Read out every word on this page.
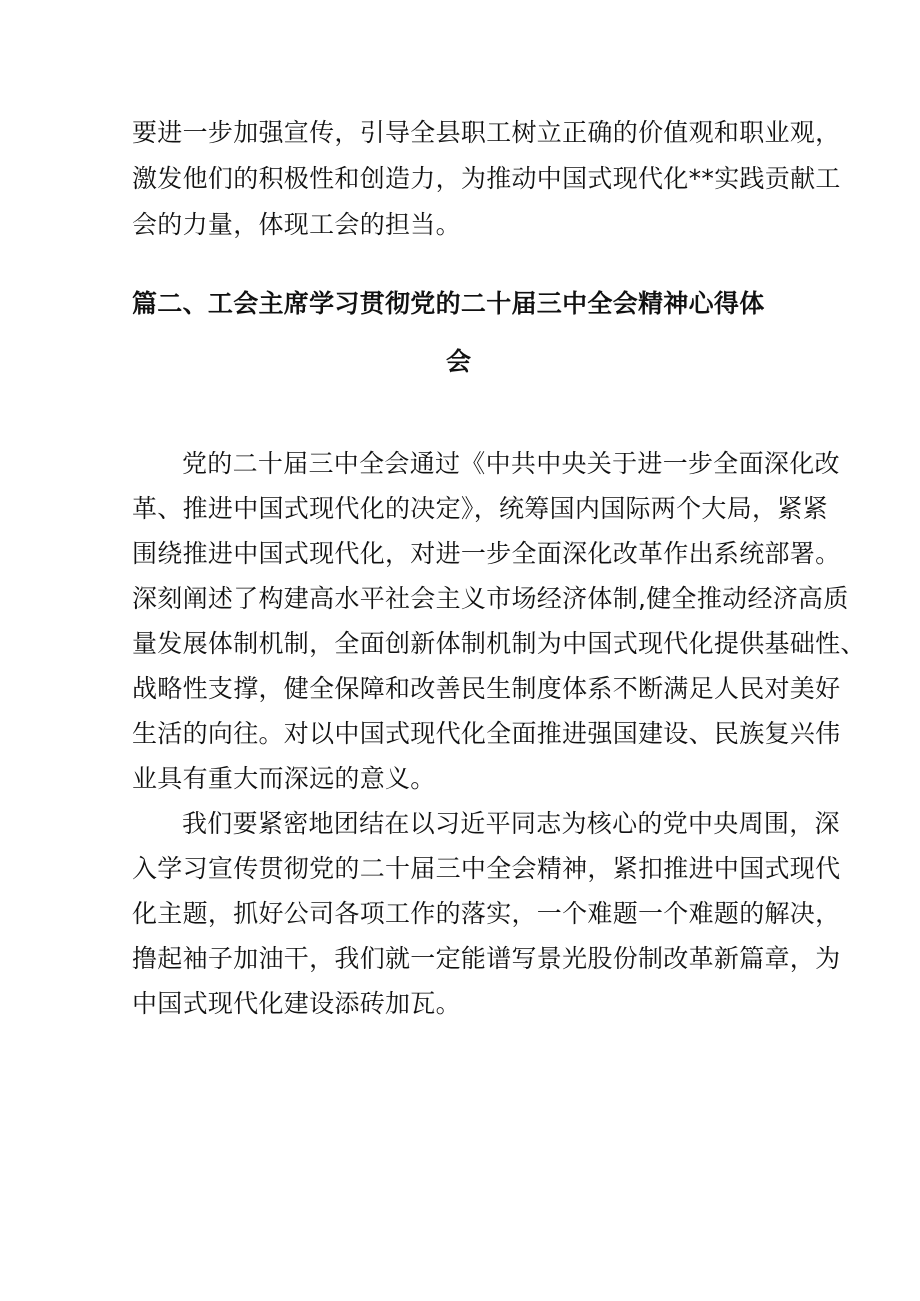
要进一步加强宣传，引导全县职工树立正确的价值观和职业观，
激发他们的积极性和创造力，为推动中国式现代化**实践贡献工
会的力量，体现工会的担当。
篇二、工会主席学习贯彻党的二十届三中全会精神心得体
会
党的二十届三中全会通过《中共中央关于进一步全面深化改
革、推进中国式现代化的决定》，统筹国内国际两个大局，紧紧
围绕推进中国式现代化，对进一步全面深化改革作出系统部署。
深刻阐述了构建高水平社会主义市场经济体制,健全推动经济高质
量发展体制机制，全面创新体制机制为中国式现代化提供基础性、
战略性支撑，健全保障和改善民生制度体系不断满足人民对美好
生活的向往。对以中国式现代化全面推进强国建设、民族复兴伟
业具有重大而深远的意义。
我们要紧密地团结在以习近平同志为核心的党中央周围，深
入学习宣传贯彻党的二十届三中全会精神，紧扣推进中国式现代
化主题，抓好公司各项工作的落实，一个难题一个难题的解决，
撸起袖子加油干，我们就一定能谱写景光股份制改革新篇章，为
中国式现代化建设添砖加瓦。
